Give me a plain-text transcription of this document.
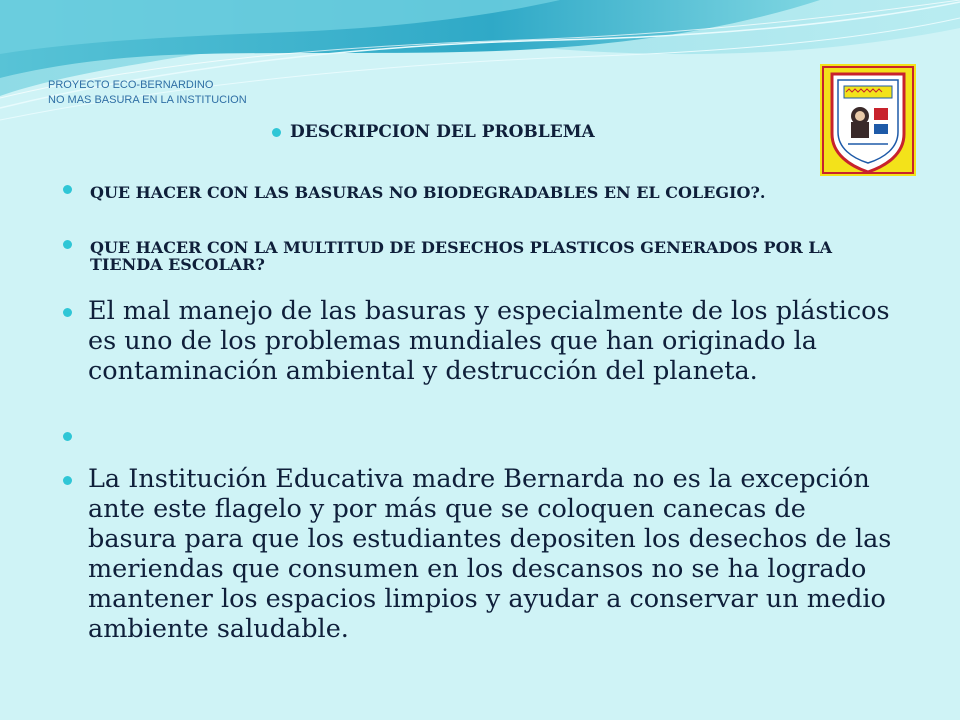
PROYECTO ECO-BERNARDINO
NO MAS BASURA EN LA INSTITUCION
DESCRIPCION DEL PROBLEMA
QUE HACER CON LAS BASURAS NO BIODEGRADABLES EN EL COLEGIO?.
QUE HACER CON LA MULTITUD DE DESECHOS PLASTICOS GENERADOS POR LA TIENDA ESCOLAR?
El mal manejo de las basuras y especialmente de los plásticos es uno de los problemas mundiales que han originado la contaminación ambiental y destrucción del planeta.
La Institución Educativa madre Bernarda no es la excepción ante este flagelo y por más que se coloquen canecas de basura para que los estudiantes depositen los desechos de las meriendas que consumen en los descansos no se ha logrado mantener los espacios limpios y ayudar a conservar un medio ambiente saludable.
